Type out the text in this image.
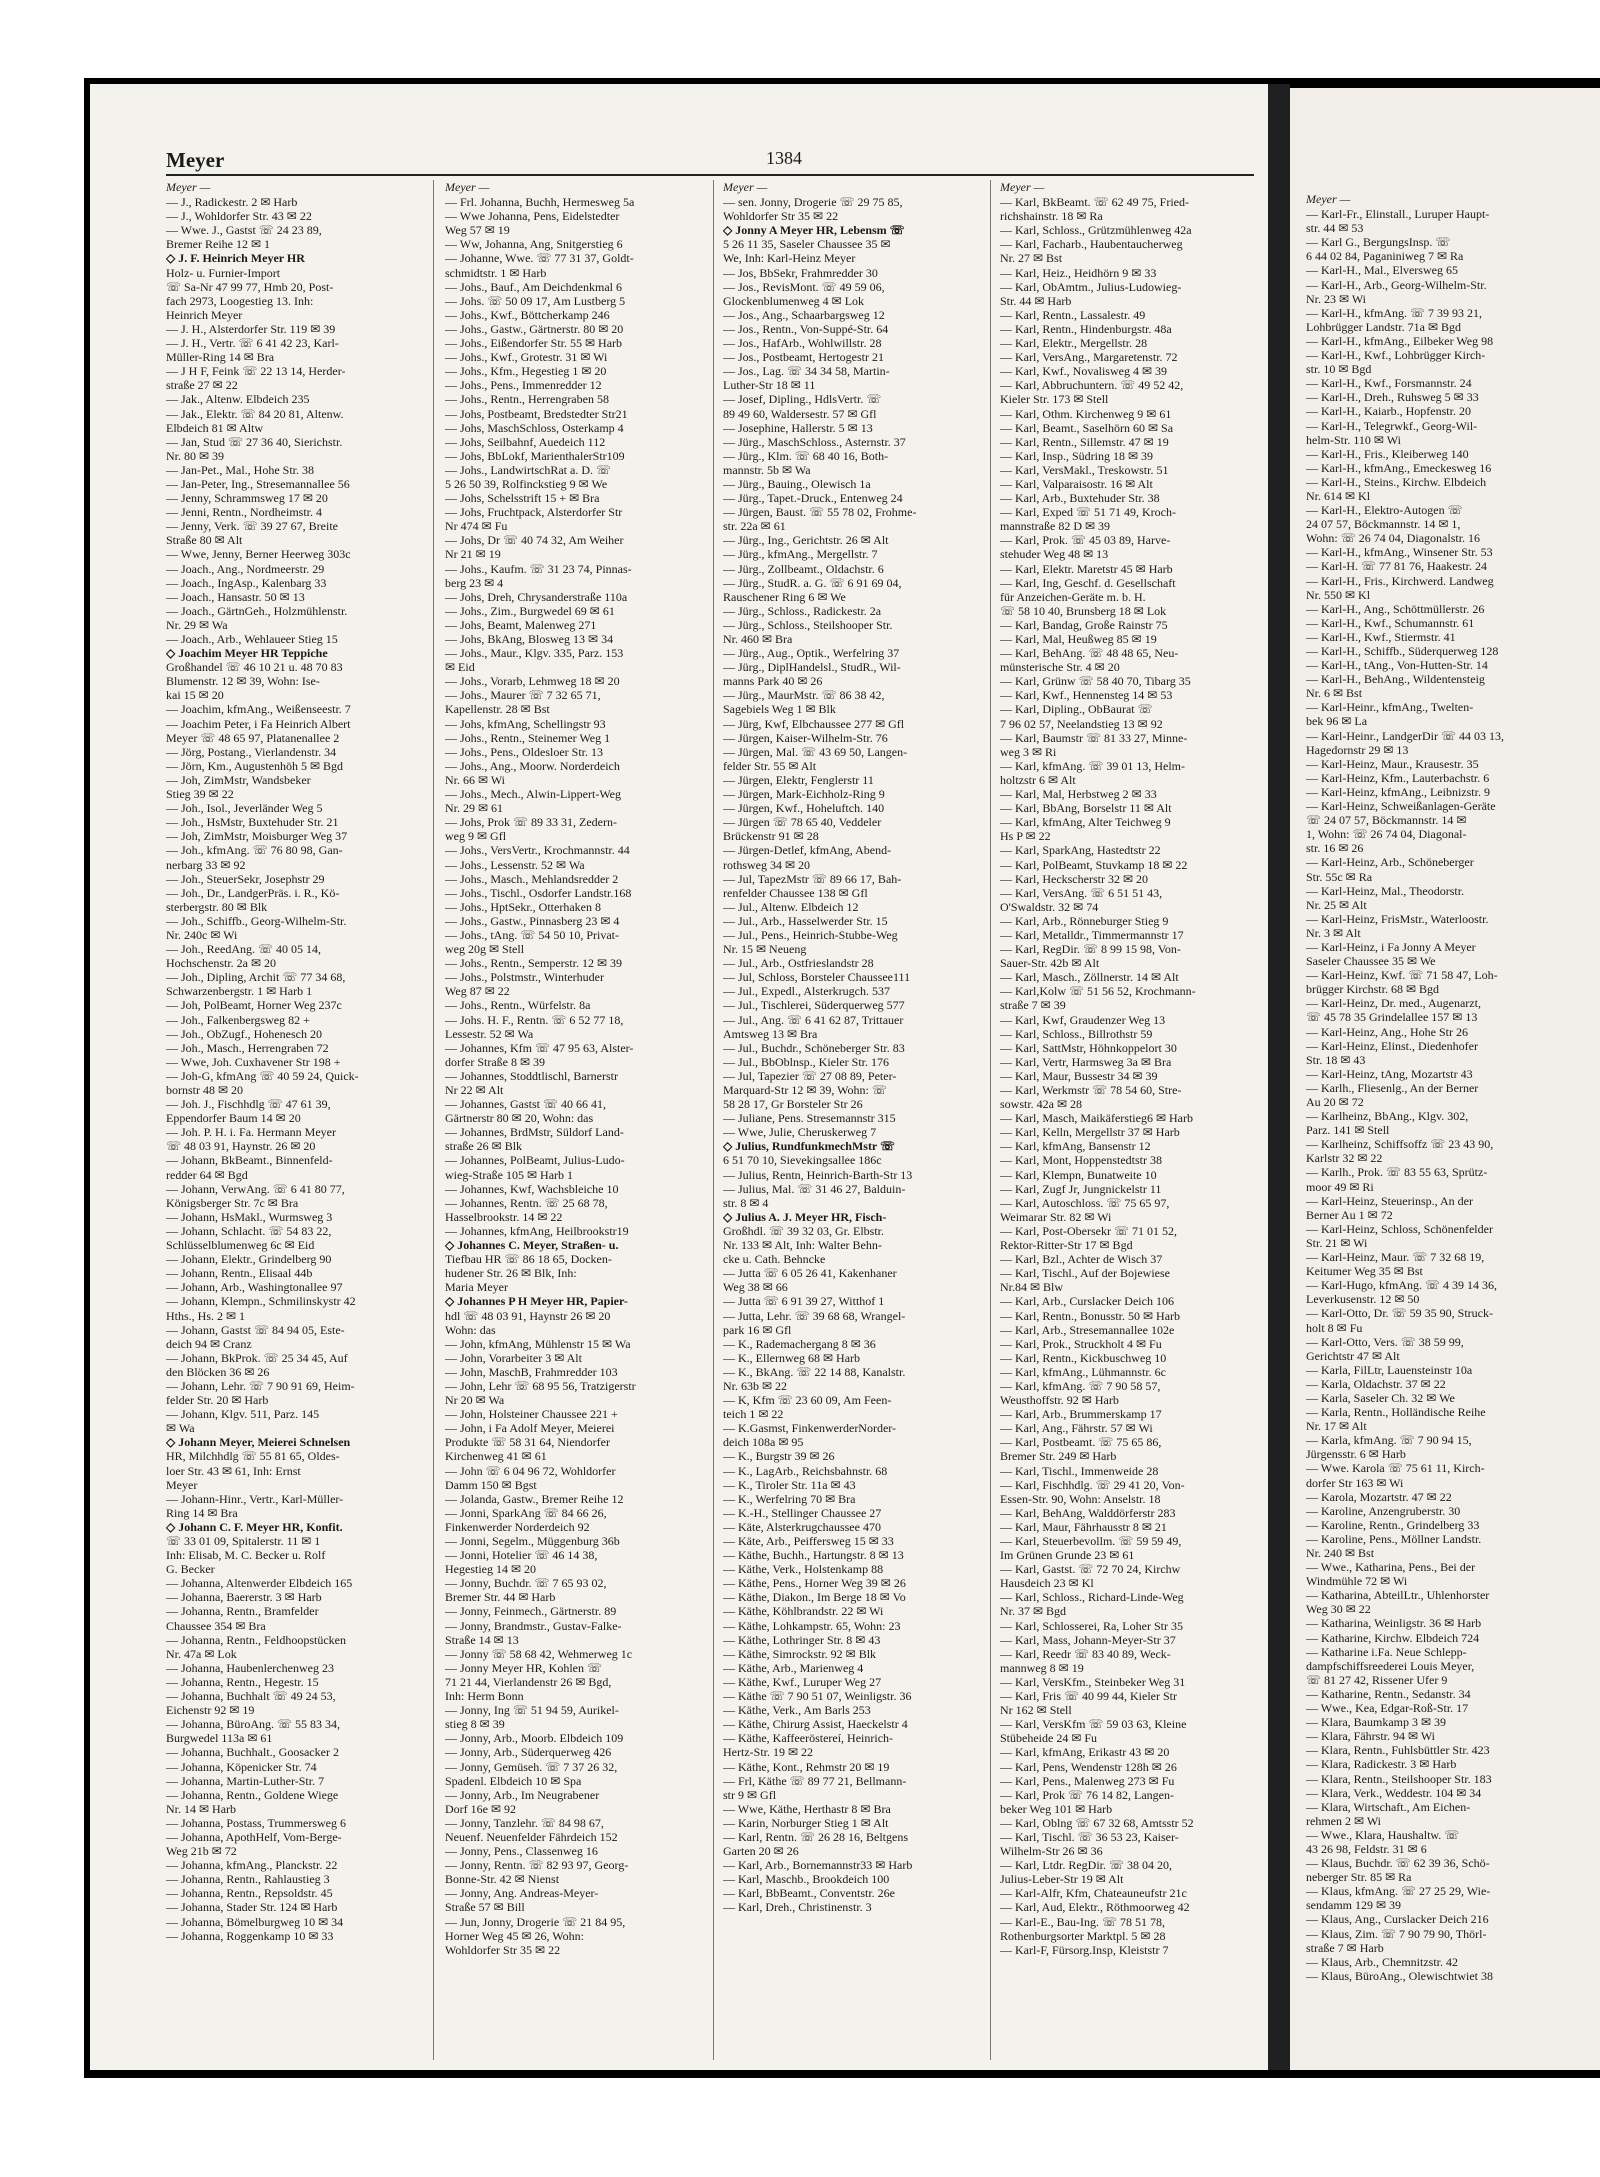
Meyer	1384

Meyer —

— J., Radickestr. 2 ✉ Harb

— J., Wohldorfer Str. 43 ✉ 22

— Wwe. J., Gastst ☏ 24 23 89,

Bremer Reihe 12 ✉ 1

◇ J. F. Heinrich Meyer HR

Holz- u. Furnier-Import

☏ Sa-Nr 47 99 77, Hmb 20, Post-

fach 2973, Loogestieg 13. Inh:

Heinrich Meyer

— J. H., Alsterdorfer Str. 119 ✉ 39

— J. H., Vertr. ☏ 6 41 42 23, Karl-

Müller-Ring 14 ✉ Bra

— J H F, Feink ☏ 22 13 14, Herder-

straße 27 ✉ 22

— Jak., Altenw. Elbdeich 235

— Jak., Elektr. ☏ 84 20 81, Altenw.

Elbdeich 81 ✉ Altw

— Jan, Stud ☏ 27 36 40, Sierichstr.

Nr. 80 ✉ 39

— Jan-Pet., Mal., Hohe Str. 38

— Jan-Peter, Ing., Stresemannallee 56

— Jenny, Schrammsweg 17 ✉ 20

— Jenni, Rentn., Nordheimstr. 4

— Jenny, Verk. ☏ 39 27 67, Breite

Straße 80 ✉ Alt

— Wwe, Jenny, Berner Heerweg 303c

— Joach., Ang., Nordmeerstr. 29

— Joach., IngAsp., Kalenbarg 33

— Joach., Hansastr. 50 ✉ 13

— Joach., GärtnGeh., Holzmühlenstr.

Nr. 29 ✉ Wa

— Joach., Arb., Wehlaueer Stieg 15

◇ Joachim Meyer HR Teppiche

Großhandel ☏ 46 10 21 u. 48 70 83

Blumenstr. 12 ✉ 39, Wohn: Ise-

kai 15 ✉ 20

— Joachim, kfmAng., Weißenseestr. 7

— Joachim Peter, i Fa Heinrich Albert

Meyer ☏ 48 65 97, Platanenallee 2

— Jörg, Postang., Vierlandenstr. 34

— Jörn, Km., Augustenhöh 5 ✉ Bgd

— Joh, ZimMstr, Wandsbeker

Stieg 39 ✉ 22

— Joh., Isol., Jeverländer Weg 5

— Joh., HsMstr, Buxtehuder Str. 21

— Joh, ZimMstr, Moisburger Weg 37

— Joh., kfmAng. ☏ 76 80 98, Gan-

nerbarg 33 ✉ 92

— Joh., SteuerSekr, Josephstr 29

— Joh., Dr., LandgerPräs. i. R., Kö-

sterbergstr. 80 ✉ Blk

— Joh., Schiffb., Georg-Wilhelm-Str.

Nr. 240c ✉ Wi

— Joh., ReedAng. ☏ 40 05 14,

Hochschenstr. 2a ✉ 20

— Joh., Dipling, Archit ☏ 77 34 68,

Schwarzenbergstr. 1 ✉ Harb 1

— Joh, PolBeamt, Horner Weg 237c

— Joh., Falkenbergsweg 82 +

— Joh., ObZugf., Hohenesch 20

— Joh., Masch., Herrengraben 72

— Wwe, Joh. Cuxhavener Str 198 +

— Joh-G, kfmAng ☏ 40 59 24, Quick-

bornstr 48 ✉ 20

— Joh. J., Fischhdlg ☏ 47 61 39,

Eppendorfer Baum 14 ✉ 20

— Joh. P. H. i. Fa. Hermann Meyer

☏ 48 03 91, Haynstr. 26 ✉ 20

— Johann, BkBeamt., Binnenfeld-

redder 64 ✉ Bgd

— Johann, VerwAng. ☏ 6 41 80 77,

Königsberger Str. 7c ✉ Bra

— Johann, HsMakl., Wurmsweg 3

— Johann, Schlacht. ☏ 54 83 22,

Schlüsselblumenweg 6c ✉ Eid

— Johann, Elektr., Grindelberg 90

— Johann, Rentn., Elisaal 44b

— Johann, Arb., Washingtonallee 97

— Johann, Klempn., Schmilinskystr 42

Hths., Hs. 2 ✉ 1

— Johann, Gastst ☏ 84 94 05, Este-

deich 94 ✉ Cranz

— Johann, BkProk. ☏ 25 34 45, Auf

den Blöcken 36 ✉ 26

— Johann, Lehr. ☏ 7 90 91 69, Heim-

felder Str. 20 ✉ Harb

— Johann, Klgv. 511, Parz. 145

✉ Wa

◇ Johann Meyer, Meierei Schnelsen

HR, Milchhdlg ☏ 55 81 65, Oldes-

loer Str. 43 ✉ 61, Inh: Ernst

Meyer

— Johann-Hinr., Vertr., Karl-Müller-

Ring 14 ✉ Bra

◇ Johann C. F. Meyer HR, Konfit.

☏ 33 01 09, Spitalerstr. 11 ✉ 1

Inh: Elisab, M. C. Becker u. Rolf

G. Becker

— Johanna, Altenwerder Elbdeich 165

— Johanna, Baererstr. 3 ✉ Harb

— Johanna, Rentn., Bramfelder

Chaussee 354 ✉ Bra

— Johanna, Rentn., Feldhoopstücken

Nr. 47a ✉ Lok

— Johanna, Haubenlerchenweg 23

— Johanna, Rentn., Hegestr. 15

— Johanna, Buchhalt ☏ 49 24 53,

Eichenstr 92 ✉ 19

— Johanna, BüroAng. ☏ 55 83 34,

Burgwedel 113a ✉ 61

— Johanna, Buchhalt., Goosacker 2

— Johanna, Köpenicker Str. 74

— Johanna, Martin-Luther-Str. 7

— Johanna, Rentn., Goldene Wiege

Nr. 14 ✉ Harb

— Johanna, Postass, Trummersweg 6

— Johanna, ApothHelf, Vom-Berge-

Weg 21b ✉ 72

— Johanna, kfmAng., Planckstr. 22

— Johanna, Rentn., Rahlaustieg 3

— Johanna, Rentn., Repsoldstr. 45

— Johanna, Stader Str. 124 ✉ Harb

— Johanna, Bömelburgweg 10 ✉ 34

— Johanna, Roggenkamp 10 ✉ 33

Meyer —

— Frl. Johanna, Buchh, Hermesweg 5a

— Wwe Johanna, Pens, Eidelstedter

Weg 57 ✉ 19

— Ww, Johanna, Ang, Snitgerstieg 6

— Johanne, Wwe. ☏ 77 31 37, Goldt-

schmidtstr. 1 ✉ Harb

— Johs., Bauf., Am Deichdenkmal 6

— Johs. ☏ 50 09 17, Am Lustberg 5

— Johs., Kwf., Böttcherkamp 246

— Johs., Gastw., Gärtnerstr. 80 ✉ 20

— Johs., Eißendorfer Str. 55 ✉ Harb

— Johs., Kwf., Grotestr. 31 ✉ Wi

— Johs., Kfm., Hegestieg 1 ✉ 20

— Johs., Pens., Immenredder 12

— Johs., Rentn., Herrengraben 58

— Johs, Postbeamt, Bredstedter Str21

— Johs, MaschSchloss, Osterkamp 4

— Johs, Seilbahnf, Auedeich 112

— Johs, BbLokf, MarienthalerStr109

— Johs., LandwirtschRat a. D. ☏

5 26 50 39, Rolfinckstieg 9 ✉ We

— Johs, Schelsstrift 15 + ✉ Bra

— Johs, Fruchtpack, Alsterdorfer Str

Nr 474 ✉ Fu

— Johs, Dr ☏ 40 74 32, Am Weiher

Nr 21 ✉ 19

— Johs., Kaufm. ☏ 31 23 74, Pinnas-

berg 23 ✉ 4

— Johs, Dreh, Chrysanderstraße 110a

— Johs., Zim., Burgwedel 69 ✉ 61

— Johs, Beamt, Malenweg 271

— Johs, BkAng, Blosweg 13 ✉ 34

— Johs., Maur., Klgv. 335, Parz. 153

✉ Eid

— Johs., Vorarb, Lehmweg 18 ✉ 20

— Johs., Maurer ☏ 7 32 65 71,

Kapellenstr. 28 ✉ Bst

— Johs, kfmAng, Schellingstr 93

— Johs., Rentn., Steinemer Weg 1

— Johs., Pens., Oldesloer Str. 13

— Johs., Ang., Moorw. Norderdeich

Nr. 66 ✉ Wi

— Johs., Mech., Alwin-Lippert-Weg

Nr. 29 ✉ 61

— Johs, Prok ☏ 89 33 31, Zedern-

weg 9 ✉ Gfl

— Johs., VersVertr., Krochmannstr. 44

— Johs., Lessenstr. 52 ✉ Wa

— Johs., Masch., Mehlandsredder 2

— Johs., Tischl., Osdorfer Landstr.168

— Johs., HptSekr., Otterhaken 8

— Johs., Gastw., Pinnasberg 23 ✉ 4

— Johs., tAng. ☏ 54 50 10, Privat-

weg 20g ✉ Stell

— Johs., Rentn., Semperstr. 12 ✉ 39

— Johs., Polstmstr., Winterhuder

Weg 87 ✉ 22

— Johs., Rentn., Würfelstr. 8a

— Johs. H. F., Rentn. ☏ 6 52 77 18,

Lessestr. 52 ✉ Wa

— Johannes, Kfm ☏ 47 95 63, Alster-

dorfer Straße 8 ✉ 39

— Johannes, Stoddtlischl, Barnerstr

Nr 22 ✉ Alt

— Johannes, Gastst ☏ 40 66 41,

Gärtnerstr 80 ✉ 20, Wohn: das

— Johannes, BrdMstr, Süldorf Land-

straße 26 ✉ Blk

— Johannes, PolBeamt, Julius-Ludo-

wieg-Straße 105 ✉ Harb 1

— Johannes, Kwf, Wachsbleiche 10

— Johannes, Rentn. ☏ 25 68 78,

Hasselbrookstr. 14 ✉ 22

— Johannes, kfmAng, Heilbrookstr19

◇ Johannes C. Meyer, Straßen- u.

Tiefbau HR ☏ 86 18 65, Docken-

hudener Str. 26 ✉ Blk, Inh:

Maria Meyer

◇ Johannes P H Meyer HR, Papier-

hdl ☏ 48 03 91, Haynstr 26 ✉ 20

Wohn: das

— John, kfmAng, Mühlenstr 15 ✉ Wa

— John, Vorarbeiter 3 ✉ Alt

— John, MaschB, Frahmredder 103

— John, Lehr ☏ 68 95 56, Tratzigerstr

Nr 20 ✉ Wa

— John, Holsteiner Chaussee 221 +

— John, i Fa Adolf Meyer, Meierei

Produkte ☏ 58 31 64, Niendorfer

Kirchenweg 41 ✉ 61

— John ☏ 6 04 96 72, Wohldorfer

Damm 150 ✉ Bgst

— Jolanda, Gastw., Bremer Reihe 12

— Jonni, SparkAng ☏ 84 66 26,

Finkenwerder Norderdeich 92

— Jonni, Segelm., Müggenburg 36b

— Jonni, Hotelier ☏ 46 14 38,

Hegestieg 14 ✉ 20

— Jonny, Buchdr. ☏ 7 65 93 02,

Bremer Str. 44 ✉ Harb

— Jonny, Feinmech., Gärtnerstr. 89

— Jonny, Brandmstr., Gustav-Falke-

Straße 14 ✉ 13

— Jonny ☏ 58 68 42, Wehmerweg 1c

— Jonny Meyer HR, Kohlen ☏

71 21 44, Vierlandenstr 26 ✉ Bgd,

Inh: Herm Bonn

— Jonny, Ing ☏ 51 94 59, Aurikel-

stieg 8 ✉ 39

— Jonny, Arb., Moorb. Elbdeich 109

— Jonny, Arb., Süderquerweg 426

— Jonny, Gemüseh. ☏ 7 37 26 32,

Spadenl. Elbdeich 10 ✉ Spa

— Jonny, Arb., Im Neugrabener

Dorf 16e ✉ 92

— Jonny, Tanzlehr. ☏ 84 98 67,

Neuenf. Neuenfelder Fährdeich 152

— Jonny, Pens., Classenweg 16

— Jonny, Rentn. ☏ 82 93 97, Georg-

Bonne-Str. 42 ✉ Nienst

— Jonny, Ang. Andreas-Meyer-

Straße 57 ✉ Bill

— Jun, Jonny, Drogerie ☏ 21 84 95,

Horner Weg 45 ✉ 26, Wohn:

Wohldorfer Str 35 ✉ 22

Meyer —

— sen. Jonny, Drogerie ☏ 29 75 85,

Wohldorfer Str 35 ✉ 22

◇ Jonny A Meyer HR, Lebensm ☏

5 26 11 35, Saseler Chaussee 35 ✉

We, Inh: Karl-Heinz Meyer

— Jos, BbSekr, Frahmredder 30

— Jos., RevisMont. ☏ 49 59 06,

Glockenblumenweg 4 ✉ Lok

— Jos., Ang., Schaarbargsweg 12

— Jos., Rentn., Von-Suppé-Str. 64

— Jos., HafArb., Wohlwillstr. 28

— Jos., Postbeamt, Hertogestr 21

— Jos., Lag. ☏ 34 34 58, Martin-

Luther-Str 18 ✉ 11

— Josef, Dipling., HdlsVertr. ☏

89 49 60, Waldersestr. 57 ✉ Gfl

— Josephine, Hallerstr. 5 ✉ 13

— Jürg., MaschSchloss., Asternstr. 37

— Jürg., Klm. ☏ 68 40 16, Both-

mannstr. 5b ✉ Wa

— Jürg., Bauing., Olewisch 1a

— Jürg., Tapet.-Druck., Entenweg 24

— Jürgen, Baust. ☏ 55 78 02, Frohme-

str. 22a ✉ 61

— Jürg., Ing., Gerichtstr. 26 ✉ Alt

— Jürg., kfmAng., Mergellstr. 7

— Jürg., Zollbeamt., Oldachstr. 6

— Jürg., StudR. a. G. ☏ 6 91 69 04,

Rauschener Ring 6 ✉ We

— Jürg., Schloss., Radickestr. 2a

— Jürg., Schloss., Steilshooper Str.

Nr. 460 ✉ Bra

— Jürg., Aug., Optik., Werfelring 37

— Jürg., DiplHandelsl., StudR., Wil-

manns Park 40 ✉ 26

— Jürg., MaurMstr. ☏ 86 38 42,

Sagebiels Weg 1 ✉ Blk

— Jürg, Kwf, Elbchaussee 277 ✉ Gfl

— Jürgen, Kaiser-Wilhelm-Str. 76

— Jürgen, Mal. ☏ 43 69 50, Langen-

felder Str. 55 ✉ Alt

— Jürgen, Elektr, Fenglerstr 11

— Jürgen, Mark-Eichholz-Ring 9

— Jürgen, Kwf., Hoheluftch. 140

— Jürgen ☏ 78 65 40, Veddeler

Brückenstr 91 ✉ 28

— Jürgen-Detlef, kfmAng, Abend-

rothsweg 34 ✉ 20

— Jul, TapezMstr ☏ 89 66 17, Bah-

renfelder Chaussee 138 ✉ Gfl

— Jul., Altenw. Elbdeich 12

— Jul., Arb., Hasselwerder Str. 15

— Jul., Pens., Heinrich-Stubbe-Weg

Nr. 15 ✉ Neueng

— Jul., Arb., Ostfrieslandstr 28

— Jul, Schloss, Borsteler Chaussee111

— Jul., Expedl., Alsterkrugch. 537

— Jul., Tischlerei, Süderquerweg 577

— Jul., Ang. ☏ 6 41 62 87, Trittauer

Amtsweg 13 ✉ Bra

— Jul., Buchdr., Schöneberger Str. 83

— Jul., BbOblnsp., Kieler Str. 176

— Jul, Tapezier ☏ 27 08 89, Peter-

Marquard-Str 12 ✉ 39, Wohn: ☏

58 28 17, Gr Borsteler Str 26

— Juliane, Pens. Stresemannstr 315

— Wwe, Julie, Cheruskerweg 7

◇ Julius, RundfunkmechMstr ☏

6 51 70 10, Sievekingsallee 186c

— Julius, Rentn, Heinrich-Barth-Str 13

— Julius, Mal. ☏ 31 46 27, Balduin-

str. 8 ✉ 4

◇ Julius A. J. Meyer HR, Fisch-

Großhdl. ☏ 39 32 03, Gr. Elbstr.

Nr. 133 ✉ Alt, Inh: Walter Behn-

cke u. Cath. Behncke

— Jutta ☏ 6 05 26 41, Kakenhaner

Weg 38 ✉ 66

— Jutta ☏ 6 91 39 27, Witthof 1

— Jutta, Lehr. ☏ 39 68 68, Wrangel-

park 16 ✉ Gfl

— K., Rademachergang 8 ✉ 36

— K., Ellernweg 68 ✉ Harb

— K., BkAng. ☏ 22 14 88, Kanalstr.

Nr. 63b ✉ 22

— K, Kfm ☏ 23 60 09, Am Feen-

teich 1 ✉ 22

— K.Gasmst, FinkenwerderNorder-

deich 108a ✉ 95

— K., Burgstr 39 ✉ 26

— K., LagArb., Reichsbahnstr. 68

— K., Tiroler Str. 11a ✉ 43

— K., Werfelring 70 ✉ Bra

— K.-H., Stellinger Chaussee 27

— Käte, Alsterkrugchaussee 470

— Käte, Arb., Peiffersweg 15 ✉ 33

— Käthe, Buchh., Hartungstr. 8 ✉ 13

— Käthe, Verk., Holstenkamp 88

— Käthe, Pens., Horner Weg 39 ✉ 26

— Käthe, Diakon., Im Berge 18 ✉ Vo

— Käthe, Köhlbrandstr. 22 ✉ Wi

— Käthe, Lohkampstr. 65, Wohn: 23

— Käthe, Lothringer Str. 8 ✉ 43

— Käthe, Simrockstr. 92 ✉ Blk

— Käthe, Arb., Marienweg 4

— Käthe, Kwf., Luruper Weg 27

— Käthe ☏ 7 90 51 07, Weinligstr. 36

— Käthe, Verk., Am Barls 253

— Käthe, Chirurg Assist, Haeckelstr 4

— Käthe, Kaffeeröstereí, Heinrich-

Hertz-Str. 19 ✉ 22

— Käthe, Kont., Rehmstr 20 ✉ 19

— Frl, Käthe ☏ 89 77 21, Bellmann-

str 9 ✉ Gfl

— Wwe, Käthe, Herthastr 8 ✉ Bra

— Karin, Norburger Stieg 1 ✉ Alt

— Karl, Rentn. ☏ 26 28 16, Beltgens

Garten 20 ✉ 26

— Karl, Arb., Bornemannstr33 ✉ Harb

— Karl, Maschb., Brookdeich 100

— Karl, BbBeamt., Conventstr. 26e

— Karl, Dreh., Christinenstr. 3

Meyer —

— Karl, BkBeamt. ☏ 62 49 75, Fried-

richshainstr. 18 ✉ Ra

— Karl, Schloss., Grützmühlenweg 42a

— Karl, Facharb., Haubentaucherweg

Nr. 27 ✉ Bst

— Karl, Heiz., Heidhörn 9 ✉ 33

— Karl, ObAmtm., Julius-Ludowieg-

Str. 44 ✉ Harb

— Karl, Rentn., Lassalestr. 49

— Karl, Rentn., Hindenburgstr. 48a

— Karl, Elektr., Mergellstr. 28

— Karl, VersAng., Margaretenstr. 72

— Karl, Kwf., Novalisweg 4 ✉ 39

— Karl, Abbruchuntern. ☏ 49 52 42,

Kieler Str. 173 ✉ Stell

— Karl, Othm. Kirchenweg 9 ✉ 61

— Karl, Beamt., Saselhörn 60 ✉ Sa

— Karl, Rentn., Sillemstr. 47 ✉ 19

— Karl, Insp., Südring 18 ✉ 39

— Karl, VersMakl., Treskowstr. 51

— Karl, Valparaisostr. 16 ✉ Alt

— Karl, Arb., Buxtehuder Str. 38

— Karl, Exped ☏ 51 71 49, Kroch-

mannstraße 82 D ✉ 39

— Karl, Prok. ☏ 45 03 89, Harve-

stehuder Weg 48 ✉ 13

— Karl, Elektr. Maretstr 45 ✉ Harb

— Karl, Ing, Geschf. d. Gesellschaft

für Anzeichen-Geräte m. b. H.

☏ 58 10 40, Brunsberg 18 ✉ Lok

— Karl, Bandag, Große Rainstr 75

— Karl, Mal, Heußweg 85 ✉ 19

— Karl, BehAng. ☏ 48 48 65, Neu-

münsterische Str. 4 ✉ 20

— Karl, Grünw ☏ 58 40 70, Tibarg 35

— Karl, Kwf., Hennensteg 14 ✉ 53

— Karl, Dipling., ObBaurat ☏

7 96 02 57, Neelandstieg 13 ✉ 92

— Karl, Baumstr ☏ 81 33 27, Minne-

weg 3 ✉ Ri

— Karl, kfmAng. ☏ 39 01 13, Helm-

holtzstr 6 ✉ Alt

— Karl, Mal, Herbstweg 2 ✉ 33

— Karl, BbAng, Borselstr 11 ✉ Alt

— Karl, kfmAng, Alter Teichweg 9

Hs P ✉ 22

— Karl, SparkAng, Hastedtstr 22

— Karl, PolBeamt, Stuvkamp 18 ✉ 22

— Karl, Heckscherstr 32 ✉ 20

— Karl, VersAng. ☏ 6 51 51 43,

O'Swaldstr. 32 ✉ 74

— Karl, Arb., Rönneburger Stieg 9

— Karl, Metalldr., Timmermannstr 17

— Karl, RegDir. ☏ 8 99 15 98, Von-

Sauer-Str. 42b ✉ Alt

— Karl, Masch., Zöllnerstr. 14 ✉ Alt

— Karl,Kolw ☏ 51 56 52, Krochmann-

straße 7 ✉ 39

— Karl, Kwf, Graudenzer Weg 13

— Karl, Schloss., Billrothstr 59

— Karl, SattMstr, Höhnkoppelort 30

— Karl, Vertr, Harmsweg 3a ✉ Bra

— Karl, Maur, Bussestr 34 ✉ 39

— Karl, Werkmstr ☏ 78 54 60, Stre-

sowstr. 42a ✉ 28

— Karl, Masch, Maikäferstieg6 ✉ Harb

— Karl, Kelln, Mergellstr 37 ✉ Harb

— Karl, kfmAng, Bansenstr 12

— Karl, Mont, Hoppenstedtstr 38

— Karl, Klempn, Bunatweite 10

— Karl, Zugf Jr, Jungnickelstr 11

— Karl, Autoschloss. ☏ 75 65 97,

Weimarar Str. 82 ✉ Wi

— Karl, Post-Obersekr ☏ 71 01 52,

Rektor-Ritter-Str 17 ✉ Bgd

— Karl, Bzl., Achter de Wisch 37

— Karl, Tischl., Auf der Bojewiese

Nr.84 ✉ Blw

— Karl, Arb., Curslacker Deich 106

— Karl, Rentn., Bonusstr. 50 ✉ Harb

— Karl, Arb., Stresemannallee 102e

— Karl, Prok., Struckholt 4 ✉ Fu

— Karl, Rentn., Kickbuschweg 10

— Karl, kfmAng., Lühmannstr. 6c

— Karl, kfmAng. ☏ 7 90 58 57,

Weusthoffstr. 92 ✉ Harb

— Karl, Arb., Brummerskamp 17

— Karl, Ang., Fährstr. 57 ✉ Wi

— Karl, Postbeamt. ☏ 75 65 86,

Bremer Str. 249 ✉ Harb

— Karl, Tischl., Immenweide 28

— Karl, Fischhdlg. ☏ 29 41 20, Von-

Essen-Str. 90, Wohn: Anselstr. 18

— Karl, BehAng, Walddörferstr 283

— Karl, Maur, Fährhausstr 8 ✉ 21

— Karl, Steuerbevollm. ☏ 59 59 49,

Im Grünen Grunde 23 ✉ 61

— Karl, Gastst. ☏ 72 70 24, Kirchw

Hausdeich 23 ✉ Kl

— Karl, Schloss., Richard-Linde-Weg

Nr. 37 ✉ Bgd

— Karl, Schlosserei, Ra, Loher Str 35

— Karl, Mass, Johann-Meyer-Str 37

— Karl, Reedr ☏ 83 40 89, Weck-

mannweg 8 ✉ 19

— Karl, VersKfm., Steinbeker Weg 31

— Karl, Fris ☏ 40 99 44, Kieler Str

Nr 162 ✉ Stell

— Karl, VersKfm ☏ 59 03 63, Kleine

Stübeheide 24 ✉ Fu

— Karl, kfmAng, Erikastr 43 ✉ 20

— Karl, Pens, Wendenstr 128h ✉ 26

— Karl, Pens., Malenweg 273 ✉ Fu

— Karl, Prok ☏ 76 14 82, Langen-

beker Weg 101 ✉ Harb

— Karl, Oblng ☏ 67 32 68, Amtsstr 52

— Karl, Tischl. ☏ 36 53 23, Kaiser-

Wilhelm-Str 26 ✉ 36

— Karl, Ltdr. RegDir. ☏ 38 04 20,

Julius-Leber-Str 19 ✉ Alt

— Karl-Alfr, Kfm, Chateauneufstr 21c

— Karl, Aud, Elektr., Röthmoorweg 42

— Karl-E., Bau-Ing. ☏ 78 51 78,

Rothenburgsorter Marktpl. 5 ✉ 28

— Karl-F, Fürsorg.Insp, Kleiststr 7

Meyer —

— Karl-Fr., Elinstall., Luruper Haupt-

str. 44 ✉ 53

— Karl G., BergungsInsp. ☏

6 44 02 84, Paganiniweg 7 ✉ Ra

— Karl-H., Mal., Elversweg 65

— Karl-H., Arb., Georg-Wilhelm-Str.

Nr. 23 ✉ Wi

— Karl-H., kfmAng. ☏ 7 39 93 21,

Lohbrügger Landstr. 71a ✉ Bgd

— Karl-H., kfmAng., Eilbeker Weg 98

— Karl-H., Kwf., Lohbrügger Kirch-

str. 10 ✉ Bgd

— Karl-H., Kwf., Forsmannstr. 24

— Karl-H., Dreh., Ruhsweg 5 ✉ 33

— Karl-H., Kaiarb., Hopfenstr. 20

— Karl-H., Telegrwkf., Georg-Wil-

helm-Str. 110 ✉ Wi

— Karl-H., Fris., Kleiberweg 140

— Karl-H., kfmAng., Emeckesweg 16

— Karl-H., Steins., Kirchw. Elbdeich

Nr. 614 ✉ Kl

— Karl-H., Elektro-Autogen ☏

24 07 57, Böckmannstr. 14 ✉ 1,

Wohn: ☏ 26 74 04, Diagonalstr. 16

— Karl-H., kfmAng., Winsener Str. 53

— Karl-H. ☏ 77 81 76, Haakestr. 24

— Karl-H., Fris., Kirchwerd. Landweg

Nr. 550 ✉ Kl

— Karl-H., Ang., Schöttmüllerstr. 26

— Karl-H., Kwf., Schumannstr. 61

— Karl-H., Kwf., Stiermstr. 41

— Karl-H., Schiffb., Süderquerweg 128

— Karl-H., tAng., Von-Hutten-Str. 14

— Karl-H., BehAng., Wildentensteig

Nr. 6 ✉ Bst

— Karl-Heinr., kfmAng., Twelten-

bek 96 ✉ La

— Karl-Heinr., LandgerDir ☏ 44 03 13,

Hagedornstr 29 ✉ 13

— Karl-Heinz, Maur., Krausestr. 35

— Karl-Heinz, Kfm., Lauterbachstr. 6

— Karl-Heinz, kfmAng., Leibnizstr. 9

— Karl-Heinz, Schweißanlagen-Geräte

☏ 24 07 57, Böckmannstr. 14 ✉

1, Wohn: ☏ 26 74 04, Diagonal-

str. 16 ✉ 26

— Karl-Heinz, Arb., Schöneberger

Str. 55c ✉ Ra

— Karl-Heinz, Mal., Theodorstr.

Nr. 25 ✉ Alt

— Karl-Heinz, FrisMstr., Waterloostr.

Nr. 3 ✉ Alt

— Karl-Heinz, i Fa Jonny A Meyer

Saseler Chaussee 35 ✉ We

— Karl-Heinz, Kwf. ☏ 71 58 47, Loh-

brügger Kirchstr. 68 ✉ Bgd

— Karl-Heinz, Dr. med., Augenarzt,

☏ 45 78 35 Grindelallee 157 ✉ 13

— Karl-Heinz, Ang., Hohe Str 26

— Karl-Heinz, Elinst., Diedenhofer

Str. 18 ✉ 43

— Karl-Heinz, tAng, Mozartstr 43

— Karlh., Fliesenlg., An der Berner

Au 20 ✉ 72

— Karlheinz, BbAng., Klgv. 302,

Parz. 141 ✉ Stell

— Karlheinz, Schiffsoffz ☏ 23 43 90,

Karlstr 32 ✉ 22

— Karlh., Prok. ☏ 83 55 63, Sprütz-

moor 49 ✉ Ri

— Karl-Heinz, Steuerinsp., An der

Berner Au 1 ✉ 72

— Karl-Heinz, Schloss, Schönenfelder

Str. 21 ✉ Wi

— Karl-Heinz, Maur. ☏ 7 32 68 19,

Keitumer Weg 35 ✉ Bst

— Karl-Hugo, kfmAng. ☏ 4 39 14 36,

Leverkusenstr. 12 ✉ 50

— Karl-Otto, Dr. ☏ 59 35 90, Struck-

holt 8 ✉ Fu

— Karl-Otto, Vers. ☏ 38 59 99,

Gerichtstr 47 ✉ Alt

— Karla, FilLtr, Lauensteinstr 10a

— Karla, Oldachstr. 37 ✉ 22

— Karla, Saseler Ch. 32 ✉ We

— Karla, Rentn., Holländische Reihe

Nr. 17 ✉ Alt

— Karla, kfmAng. ☏ 7 90 94 15,

Jürgensstr. 6 ✉ Harb

— Wwe. Karola ☏ 75 61 11, Kirch-

dorfer Str 163 ✉ Wi

— Karola, Mozartstr. 47 ✉ 22

— Karoline, Anzengruberstr. 30

— Karoline, Rentn., Grindelberg 33

— Karoline, Pens., Möllner Landstr.

Nr. 240 ✉ Bst

— Wwe., Katharina, Pens., Bei der

Windmühle 72 ✉ Wi

— Katharina, AbteilLtr., Uhlenhorster

Weg 30 ✉ 22

— Katharina, Weinligstr. 36 ✉ Harb

— Katharine, Kirchw. Elbdeich 724

— Katharine i.Fa. Neue Schlepp-

dampfschiffsreederei Louis Meyer,

☏ 81 27 42, Rissener Ufer 9

— Katharine, Rentn., Sedanstr. 34

— Wwe., Kea, Edgar-Roß-Str. 17

— Klara, Baumkamp 3 ✉ 39

— Klara, Fährstr. 94 ✉ Wi

— Klara, Rentn., Fuhlsbüttler Str. 423

— Klara, Radickestr. 3 ✉ Harb

— Klara, Rentn., Steilshooper Str. 183

— Klara, Verk., Weddestr. 104 ✉ 34

— Klara, Wirtschaft., Am Eichen-

rehmen 2 ✉ Wi

— Wwe., Klara, Haushaltw. ☏

43 26 98, Feldstr. 31 ✉ 6

— Klaus, Buchdr. ☏ 62 39 36, Schö-

neberger Str. 85 ✉ Ra

— Klaus, kfmAng. ☏ 27 25 29, Wie-

sendamm 129 ✉ 39

— Klaus, Ang., Curslacker Deich 216

— Klaus, Zim. ☏ 7 90 79 90, Thörl-

straße 7 ✉ Harb

— Klaus, Arb., Chemnitzstr. 42

— Klaus, BüroAng., Olewischtwiet 38
